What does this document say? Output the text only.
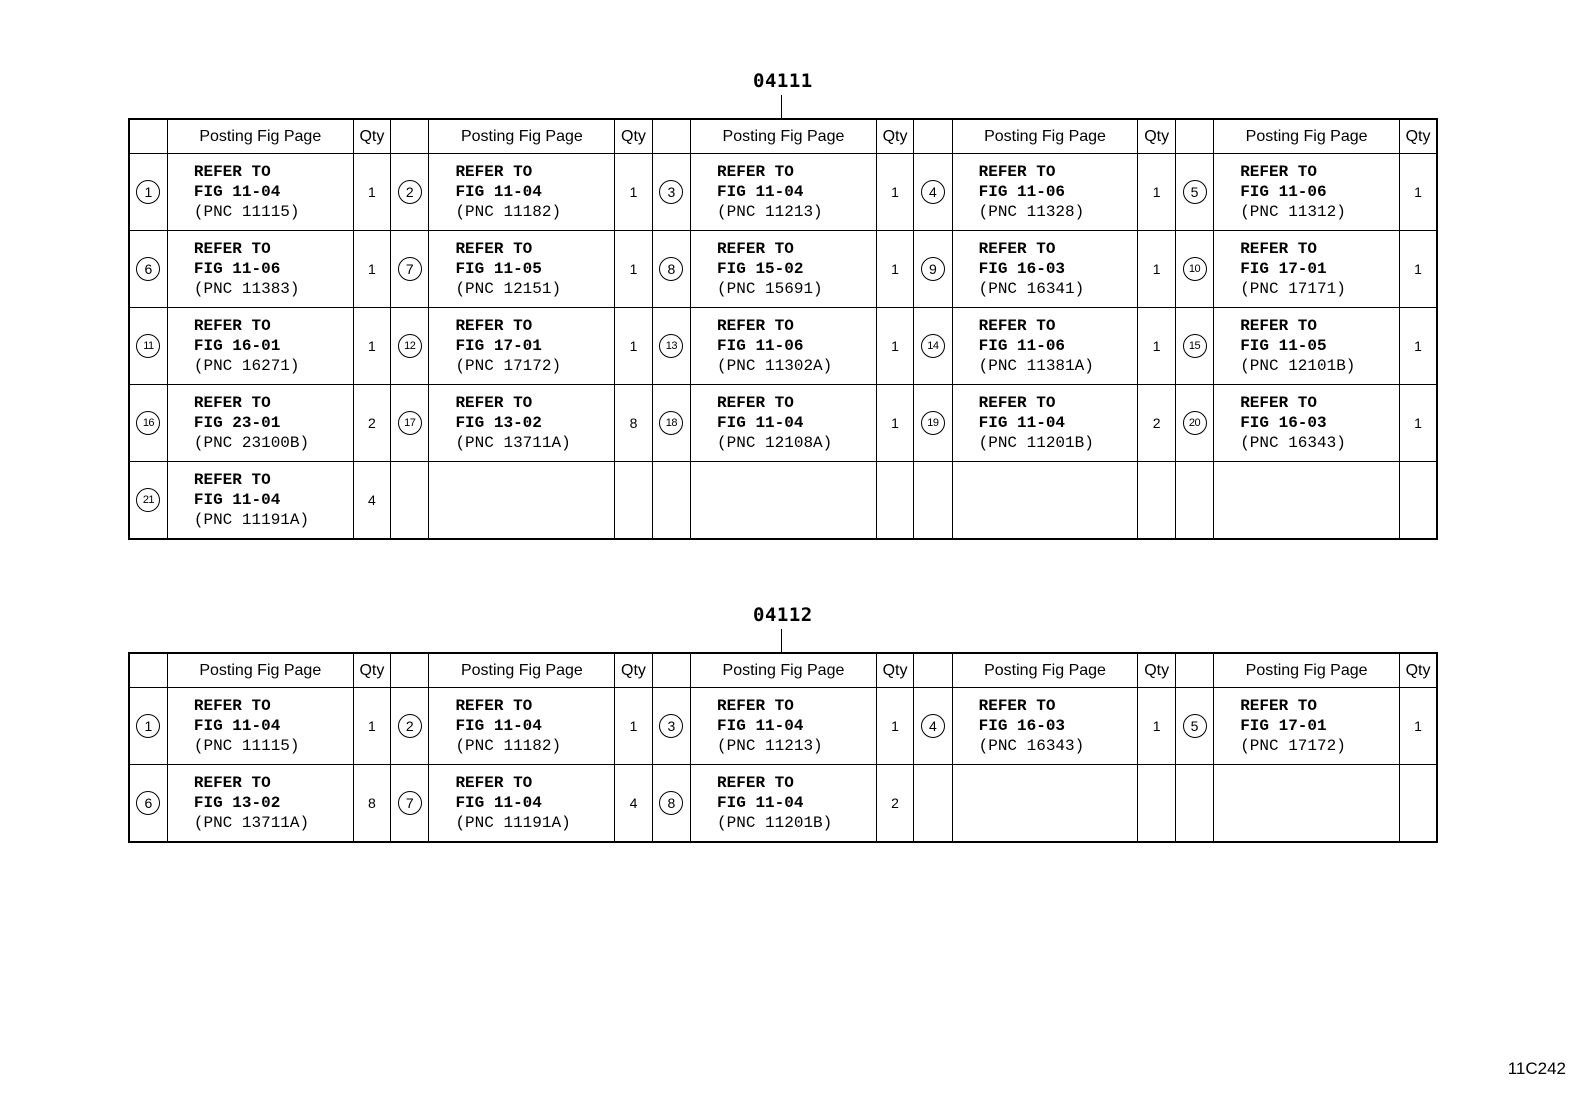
04111
	Posting Fig Page	Qty		Posting Fig Page	Qty		Posting Fig Page	Qty		Posting Fig Page	Qty		Posting Fig Page	Qty
1	REFER TO
FIG 11-04
(PNC 11115)	1	2	REFER TO
FIG 11-04
(PNC 11182)	1	3	REFER TO
FIG 11-04
(PNC 11213)	1	4	REFER TO
FIG 11-06
(PNC 11328)	1	5	REFER TO
FIG 11-06
(PNC 11312)	1
6	REFER TO
FIG 11-06
(PNC 11383)	1	7	REFER TO
FIG 11-05
(PNC 12151)	1	8	REFER TO
FIG 15-02
(PNC 15691)	1	9	REFER TO
FIG 16-03
(PNC 16341)	1	10	REFER TO
FIG 17-01
(PNC 17171)	1
11	REFER TO
FIG 16-01
(PNC 16271)	1	12	REFER TO
FIG 17-01
(PNC 17172)	1	13	REFER TO
FIG 11-06
(PNC 11302A)	1	14	REFER TO
FIG 11-06
(PNC 11381A)	1	15	REFER TO
FIG 11-05
(PNC 12101B)	1
16	REFER TO
FIG 23-01
(PNC 23100B)	2	17	REFER TO
FIG 13-02
(PNC 13711A)	8	18	REFER TO
FIG 11-04
(PNC 12108A)	1	19	REFER TO
FIG 11-04
(PNC 11201B)	2	20	REFER TO
FIG 16-03
(PNC 16343)	1
21	REFER TO
FIG 11-04
(PNC 11191A)	4												
04112
	Posting Fig Page	Qty		Posting Fig Page	Qty		Posting Fig Page	Qty		Posting Fig Page	Qty		Posting Fig Page	Qty
1	REFER TO
FIG 11-04
(PNC 11115)	1	2	REFER TO
FIG 11-04
(PNC 11182)	1	3	REFER TO
FIG 11-04
(PNC 11213)	1	4	REFER TO
FIG 16-03
(PNC 16343)	1	5	REFER TO
FIG 17-01
(PNC 17172)	1
6	REFER TO
FIG 13-02
(PNC 13711A)	8	7	REFER TO
FIG 11-04
(PNC 11191A)	4	8	REFER TO
FIG 11-04
(PNC 11201B)	2						
11C242
